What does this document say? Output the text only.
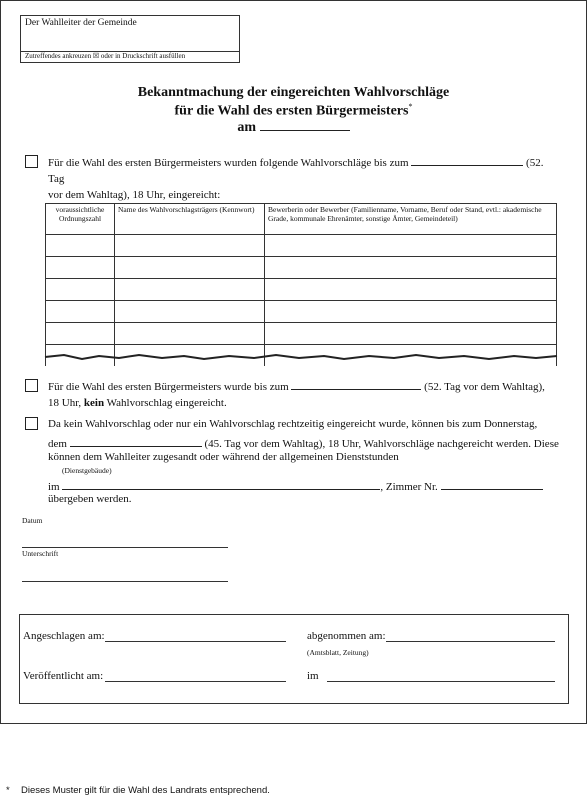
Der Wahlleiter der Gemeinde
Zutreffendes ankreuzen ☒ oder in Druckschrift ausfüllen
Bekanntmachung der eingereichten Wahlvorschläge
für die Wahl des ersten Bürgermeisters*
am
Für die Wahl des ersten Bürgermeisters wurden folgende Wahlvorschläge bis zum	(52. Tag
vor dem Wahltag), 18 Uhr, eingereicht:
voraussichtliche Ordnungszahl	Name des Wahlvorschlagsträgers (Kennwort)	Bewerberin oder Bewerber (Familienname, Vorname, Beruf oder Stand, evtl.: akademische Grade, kommunale Ehrenämter, sonstige Ämter, Gemeindeteil)

Für die Wahl des ersten Bürgermeisters wurde bis zum	(52. Tag vor dem Wahltag),
18 Uhr, kein Wahlvorschlag eingereicht.
Da kein Wahlvorschlag oder nur ein Wahlvorschlag rechtzeitig eingereicht wurde, können bis zum Donnerstag,
dem	(45. Tag vor dem Wahltag), 18 Uhr, Wahlvorschläge nachgereicht werden. Diese
können dem Wahlleiter zugesandt oder während der allgemeinen Dienststunden
(Dienstgebäude)
im	, Zimmer Nr.
übergeben werden.
Datum
Unterschrift
Angeschlagen am:	abgenommen am:
(Amtsblatt, Zeitung)
Veröffentlicht am:	im
* Dieses Muster gilt für die Wahl des Landrats entsprechend.
